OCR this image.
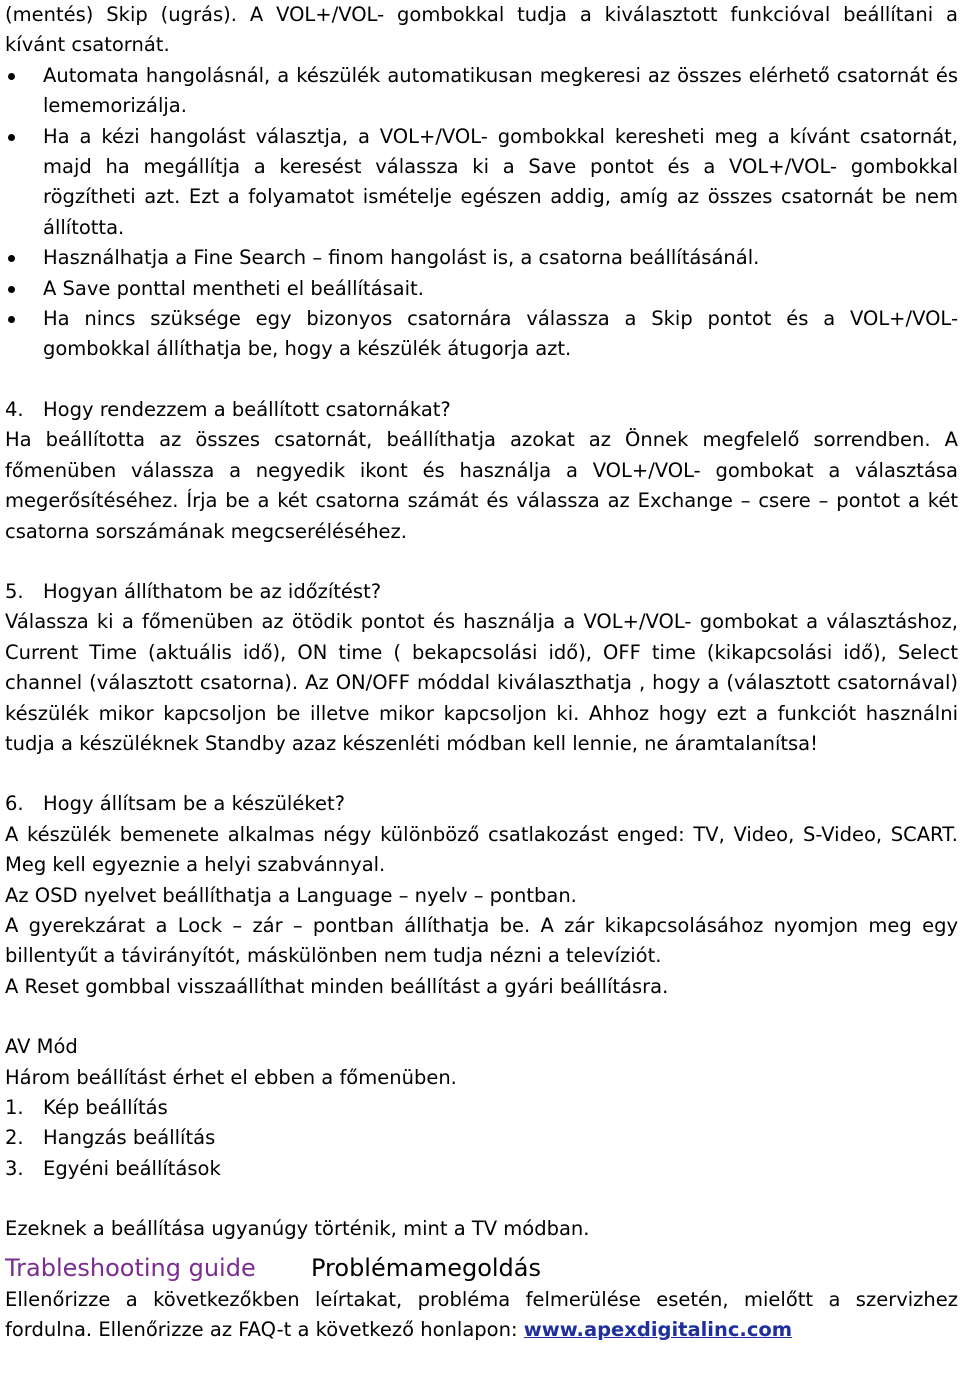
(mentés) Skip (ugrás). A VOL+/VOL- gombokkal tudja a kiválasztott funkcióval beállítani a

kívánt csatornát.

Automata hangolásnál, a készülék automatikusan megkeresi az összes elérhető csatornát és lememorizálja.
Ha a kézi hangolást választja, a VOL+/VOL- gombokkal keresheti meg a kívánt csatornát, majd ha megállítja a keresést válassza ki a Save pontot és a VOL+/VOL- gombokkal rögzítheti azt. Ezt a folyamatot ismételje egészen addig, amíg az összes csatornát be nem állította.
Használhatja a Fine Search – finom hangolást is, a csatorna beállításánál.
A Save ponttal mentheti el beállításait.
Ha nincs szüksége egy bizonyos csatornára válassza a Skip pontot és a VOL+/VOL-gombokkal állíthatja be, hogy a készülék átugorja azt.

4. Hogy rendezzem a beállított csatornákat?

Ha beállította az összes csatornát, beállíthatja azokat az Önnek megfelelő sorrendben. A főmenüben válassza a negyedik ikont és használja a VOL+/VOL- gombokat a választása megerősítéséhez. Írja be a két csatorna számát és válassza az Exchange – csere – pontot a két csatorna sorszámának megcseréléséhez.

5. Hogyan állíthatom be az időzítést?

Válassza ki a főmenüben az ötödik pontot és használja a VOL+/VOL- gombokat a választáshoz, Current Time (aktuális idő), ON time ( bekapcsolási idő), OFF time (kikapcsolási idő), Select channel (választott csatorna). Az ON/OFF móddal kiválaszthatja , hogy a (választott csatornával) készülék mikor kapcsoljon be illetve mikor kapcsoljon ki. Ahhoz hogy ezt a funkciót használni tudja a készüléknek Standby azaz készenléti módban kell lennie, ne áramtalanítsa!

6. Hogy állítsam be a készüléket?

A készülék bemenete alkalmas négy különböző csatlakozást enged: TV, Video, S-Video, SCART. Meg kell egyeznie a helyi szabvánnyal.

Az OSD nyelvet beállíthatja a Language – nyelv – pontban.

A gyerekzárat a Lock – zár – pontban állíthatja be. A zár kikapcsolásához nyomjon meg egy billentyűt a távirányítót, máskülönben nem tudja nézni a televíziót.

A Reset gombbal visszaállíthat minden beállítást a gyári beállításra.

AV Mód

Három beállítást érhet el ebben a főmenüben.

1. Kép beállítás

2. Hangzás beállítás

3. Egyéni beállítások

Ezeknek a beállítása ugyanúgy történik, mint a TV módban.

Trableshooting guide	Problémamegoldás

Ellenőrizze a következőkben leírtakat, probléma felmerülése esetén, mielőtt a szervizhez

fordulna. Ellenőrizze az FAQ-t a következő honlapon: www.apexdigitalinc.com
